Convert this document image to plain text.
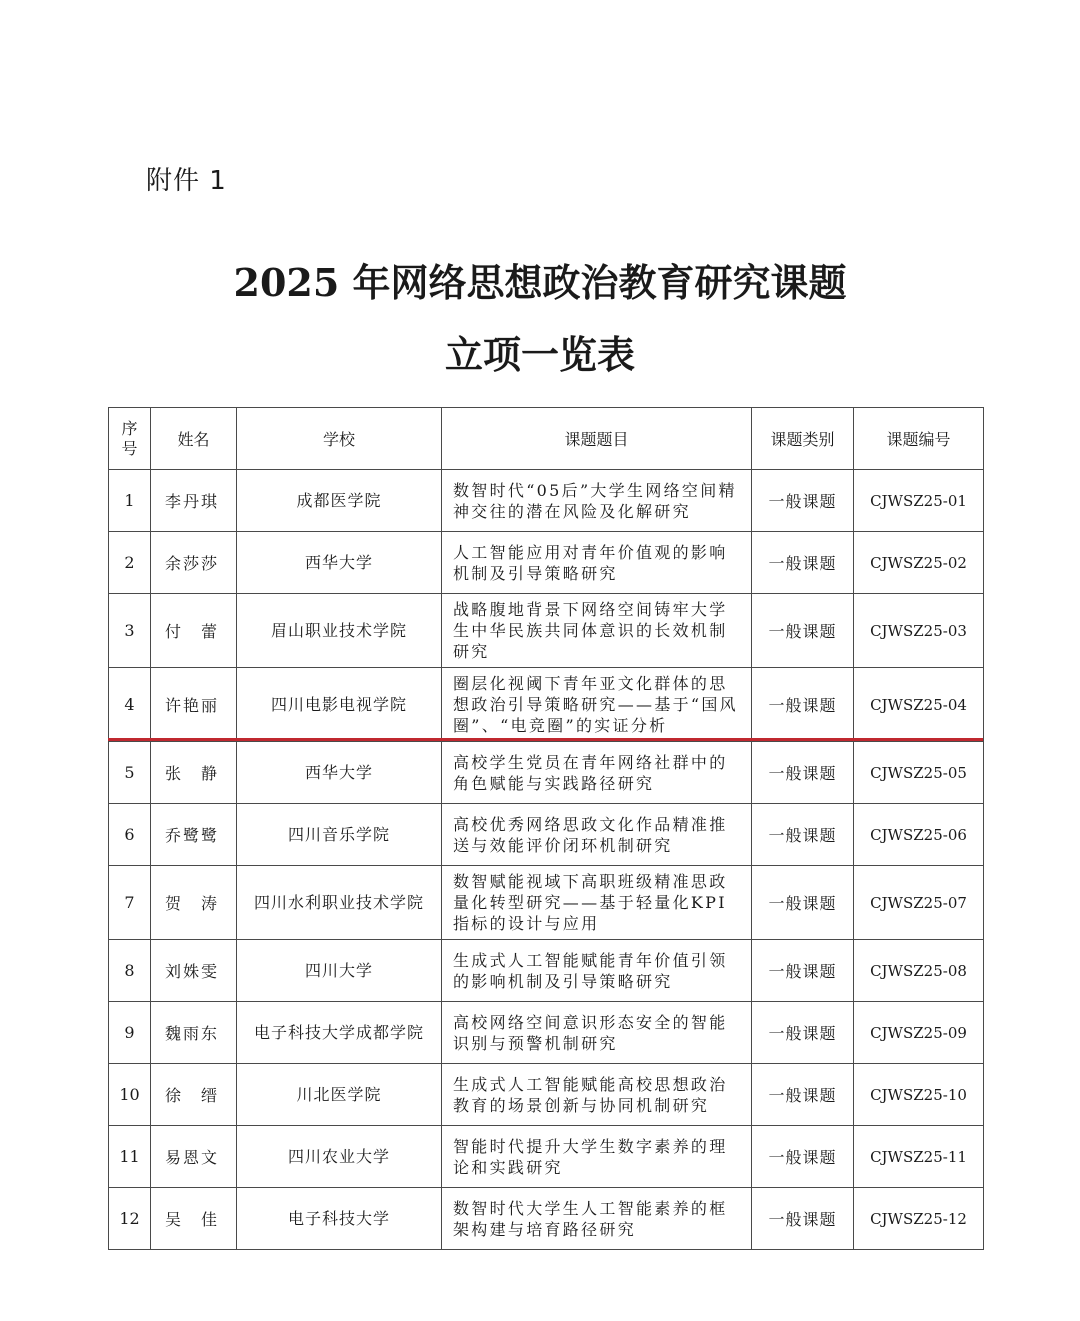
附件 1
2025 年网络思想政治教育研究课题
立项一览表
序号	姓名	学校	课题题目	课题类别	课题编号
1	李丹琪	成都医学院	数智时代“05后”大学生网络空间精神交往的潜在风险及化解研究	一般课题	CJWSZ25-01
2	余莎莎	西华大学	人工智能应用对青年价值观的影响机制及引导策略研究	一般课题	CJWSZ25-02
3	付　蕾	眉山职业技术学院	战略腹地背景下网络空间铸牢大学生中华民族共同体意识的长效机制研究	一般课题	CJWSZ25-03
4	许艳丽	四川电影电视学院	圈层化视阈下青年亚文化群体的思想政治引导策略研究——基于“国风圈”、“电竞圈”的实证分析	一般课题	CJWSZ25-04
5	张　静	西华大学	高校学生党员在青年网络社群中的角色赋能与实践路径研究	一般课题	CJWSZ25-05
6	乔鹭鹭	四川音乐学院	高校优秀网络思政文化作品精准推送与效能评价闭环机制研究	一般课题	CJWSZ25-06
7	贺　涛	四川水利职业技术学院	数智赋能视域下高职班级精准思政量化转型研究——基于轻量化KPI指标的设计与应用	一般课题	CJWSZ25-07
8	刘姝雯	四川大学	生成式人工智能赋能青年价值引领的影响机制及引导策略研究	一般课题	CJWSZ25-08
9	魏雨东	电子科技大学成都学院	高校网络空间意识形态安全的智能识别与预警机制研究	一般课题	CJWSZ25-09
10	徐　缙	川北医学院	生成式人工智能赋能高校思想政治教育的场景创新与协同机制研究	一般课题	CJWSZ25-10
11	易恩文	四川农业大学	智能时代提升大学生数字素养的理论和实践研究	一般课题	CJWSZ25-11
12	吴　佳	电子科技大学	数智时代大学生人工智能素养的框架构建与培育路径研究	一般课题	CJWSZ25-12
